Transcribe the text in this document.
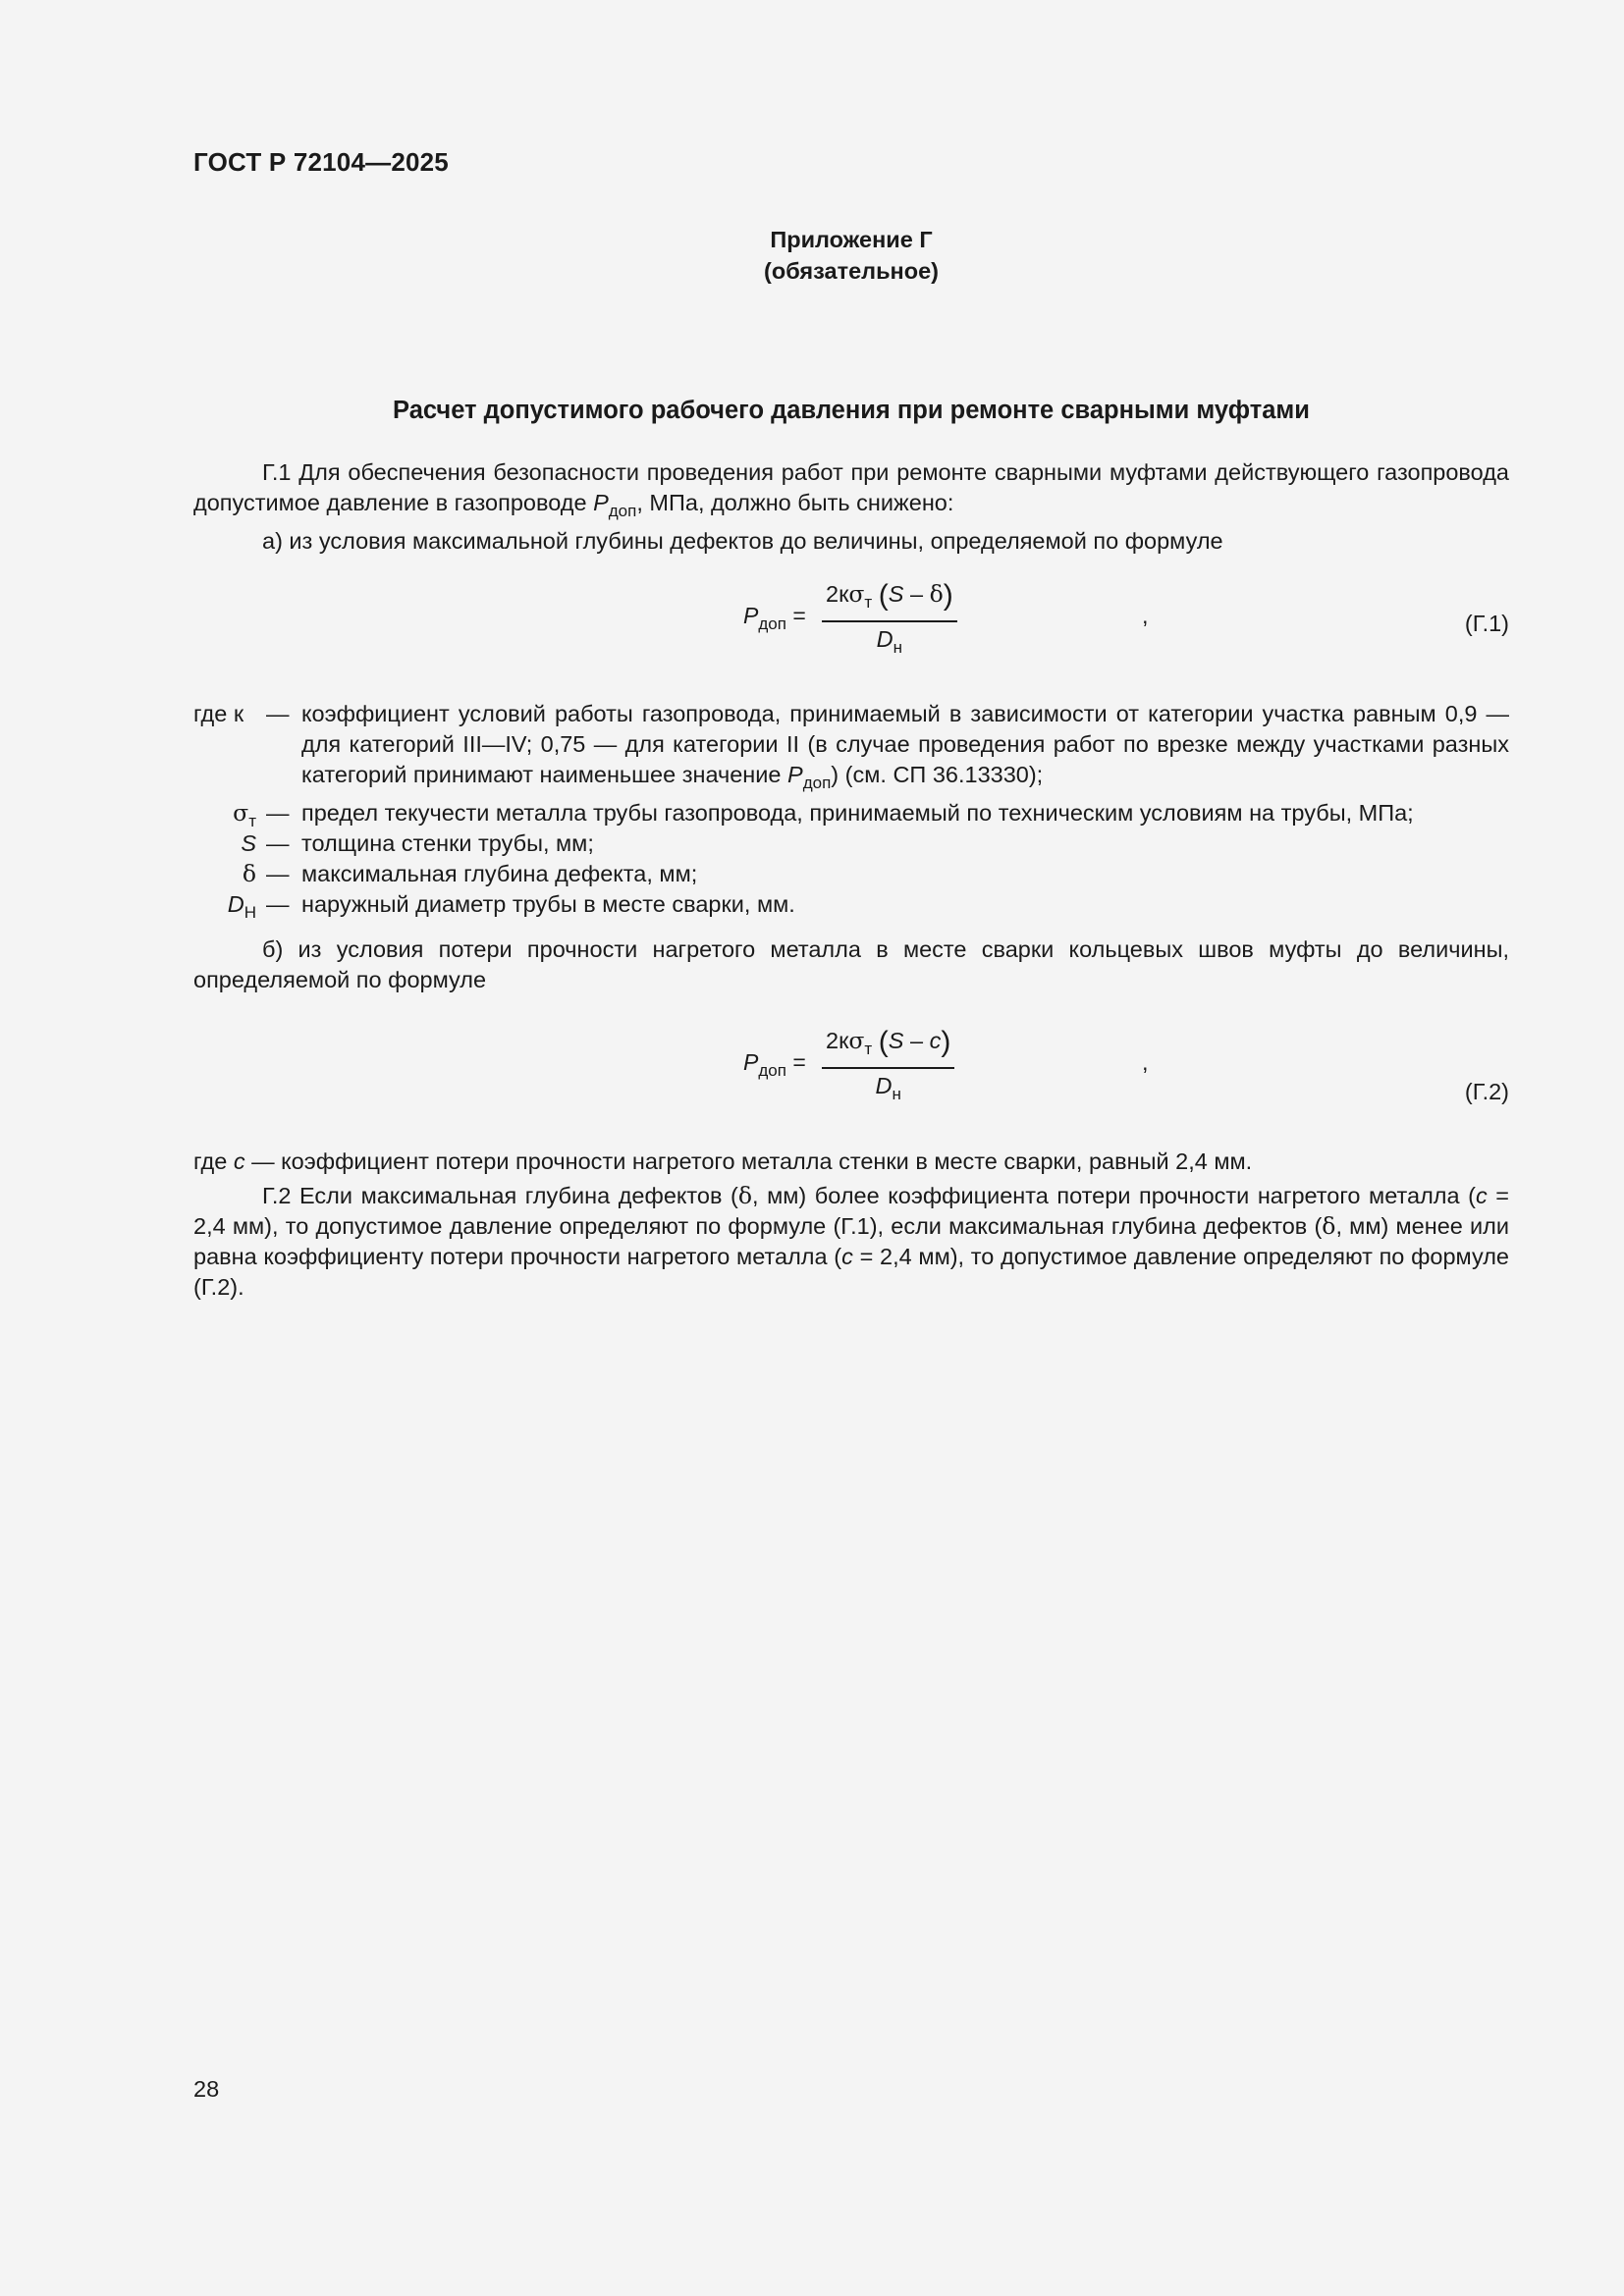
ГОСТ Р 72104—2025
Приложение Г
(обязательное)
Расчет допустимого рабочего давления при ремонте сварными муфтами

Г.1 Для обеспечения безопасности проведения работ при ремонте сварными муфтами действующего газопровода допустимое давление в газопроводе $P_{доп}$, МПа, должно быть снижено:

а) из условия максимальной глубины дефектов до величины, определяемой по формуле

$P_{доп}$ =
$2к\sigma_т$ (S – δ)
$D_н$
,	(Г.1)
где к — коэффициент условий работы газопровода, принимаемый в зависимости от категории участка равным 0,9 — для категорий III—IV; 0,75 — для категории II (в случае проведения работ по врезке между участками разных категорий принимают наименьшее значение $P_{доп}$) (см. СП 36.13330);
$\sigma_т$ — предел текучести металла трубы газопровода, принимаемый по техническим условиям на трубы, МПа;
S — толщина стенки трубы, мм;
δ — максимальная глубина дефекта, мм;
$D_Н$ — наружный диаметр трубы в месте сварки, мм.

б) из условия потери прочности нагретого металла в месте сварки кольцевых швов муфты до величины, определяемой по формуле

$P_{доп}$ =
$2к\sigma_т$ (S – c)
$D_н$
,
(Г.2)

где c — коэффициент потери прочности нагретого металла стенки в месте сварки, равный 2,4 мм.

Г.2 Если максимальная глубина дефектов (δ, мм) более коэффициента потери прочности нагретого металла (c = 2,4 мм), то допустимое давление определяют по формуле (Г.1), если максимальная глубина дефектов (δ, мм) менее или равна коэффициенту потери прочности нагретого металла (c = 2,4 мм), то допустимое давление определяют по формуле (Г.2).

28
